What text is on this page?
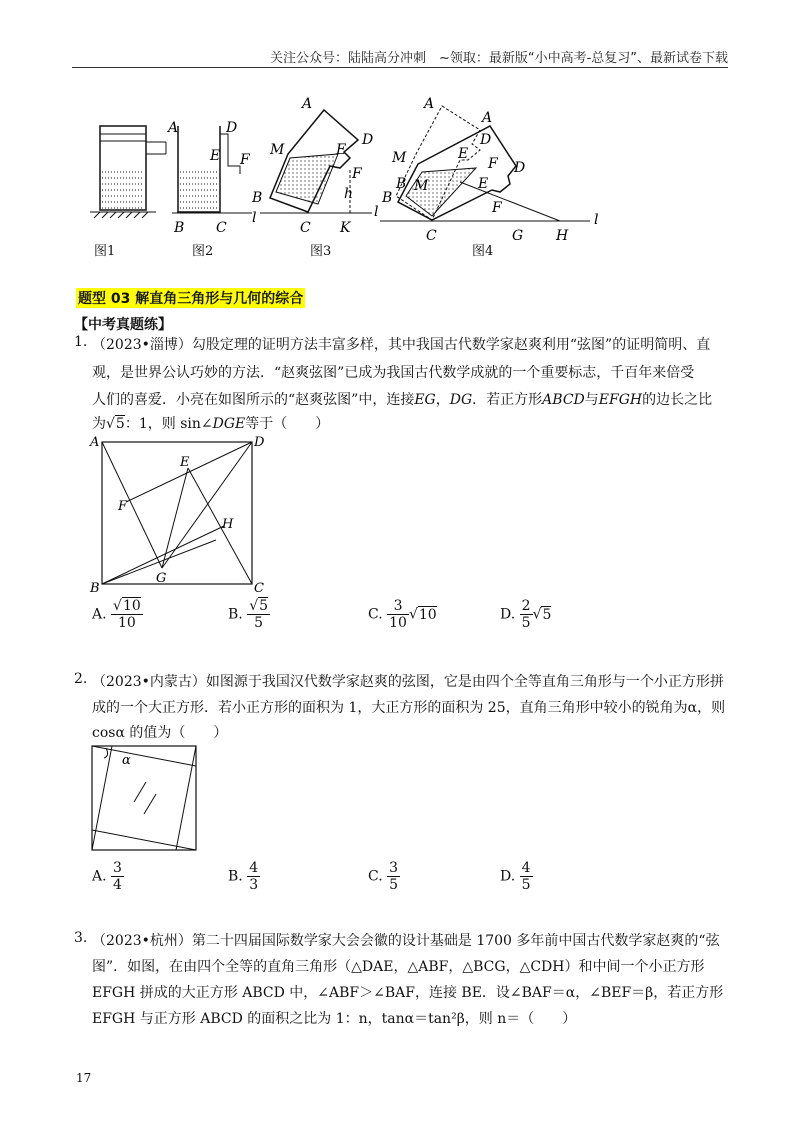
关注公众号：陆陆高分冲刺　~领取：最新版“小中高考-总复习”、最新试卷下载
A	D
E F
B C
l
A
D
M	E
F
B	h
C K
l
A
A
D
D
M
M
E
E
F
F
B
B
C	G H
l
图1	图2	图3	图4
题型 03 解直角三角形与几何的综合
【中考真题练】
1. （2023•淄博）勾股定理的证明方法丰富多样，其中我国古代数学家赵爽利用“弦图”的证明简明、直
观，是世界公认巧妙的方法．“赵爽弦图”已成为我国古代数学成就的一个重要标志，千百年来倍受
人们的喜爱．小亮在如图所示的“赵爽弦图”中，连接EG，DG．若正方形ABCD与EFGH的边长之比
为√5：1，则 sin∠DGE等于（　　）
A	D
E
F
H
G
B	C
A. $\frac{√10}{10}$	B. $\frac{√5}{5}$	C. $\frac{3}{10} √10$	D. $\frac{2}{5} √5$
2. （2023•内蒙古）如图源于我国汉代数学家赵爽的弦图，它是由四个全等直角三角形与一个小正方形拼
成的一个大正方形．若小正方形的面积为 1，大正方形的面积为 25，直角三角形中较小的锐角为α，则
cosα 的值为（　　）
α
A. $\frac{3}{4}$	B. $\frac{4}{3}$	C. $\frac{3}{5}$	D. $\frac{4}{5}$
3. （2023•杭州）第二十四届国际数学家大会会徽的设计基础是 1700 多年前中国古代数学家赵爽的“弦
图”．如图，在由四个全等的直角三角形（△DAE，△ABF，△BCG，△CDH）和中间一个小正方形
EFGH 拼成的大正方形 ABCD 中，∠ABF＞∠BAF，连接 BE．设∠BAF＝α，∠BEF＝β，若正方形
EFGH 与正方形 ABCD 的面积之比为 1：n，tanα＝tan²β，则 n＝（　　）
17
